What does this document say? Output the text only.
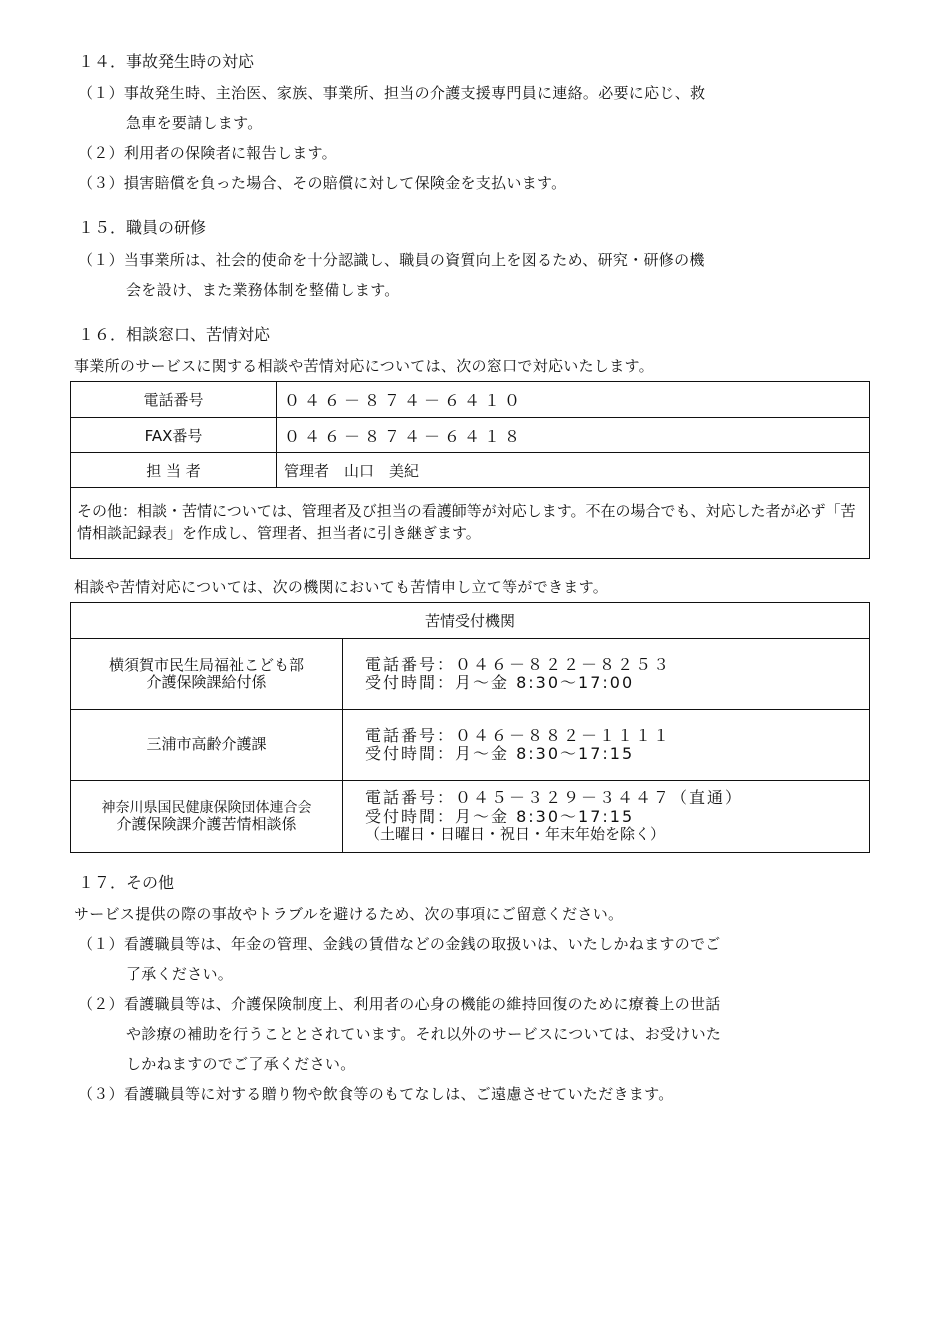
１４．事故発生時の対応
（１）事故発生時、主治医、家族、事業所、担当の介護支援専門員に連絡。必要に応じ、救
急車を要請します。
（２）利用者の保険者に報告します。
（３）損害賠償を負った場合、その賠償に対して保険金を支払います。
１５．職員の研修
（１）当事業所は、社会的使命を十分認識し、職員の資質向上を図るため、研究・研修の機
会を設け、また業務体制を整備します。
１６．相談窓口、苦情対応
事業所のサービスに関する相談や苦情対応については、次の窓口で対応いたします。
電話番号	０４６－８７４－６４１０
FAX番号	０４６－８７４－６４１８
担 当 者	管理者　山口　美紀
その他：相談・苦情については、管理者及び担当の看護師等が対応します。不在の場合でも、対応した者が必ず「苦情相談記録表」を作成し、管理者、担当者に引き継ぎます。	
相談や苦情対応については、次の機関においても苦情申し立て等ができます。
苦情受付機関	

横須賀市民生局福祉こども部
介護保険課給付係	電話番号：０４６－８２２－８２５３
受付時間：月～金 8:30～17:00

三浦市高齢介護課	電話番号：０４６－８８２－１１１１
受付時間：月～金 8:30～17:15

神奈川県国民健康保険団体連合会
介護保険課介護苦情相談係	電話番号：０４５－３２９－３４４７（直通）
受付時間：月～金 8:30～17:15
（土曜日・日曜日・祝日・年末年始を除く）
１７．その他
サービス提供の際の事故やトラブルを避けるため、次の事項にご留意ください。
（１）看護職員等は、年金の管理、金銭の賃借などの金銭の取扱いは、いたしかねますのでご
了承ください。
（２）看護職員等は、介護保険制度上、利用者の心身の機能の維持回復のために療養上の世話
や診療の補助を行うこととされています。それ以外のサービスについては、お受けいた
しかねますのでご了承ください。
（３）看護職員等に対する贈り物や飲食等のもてなしは、ご遠慮させていただきます。
